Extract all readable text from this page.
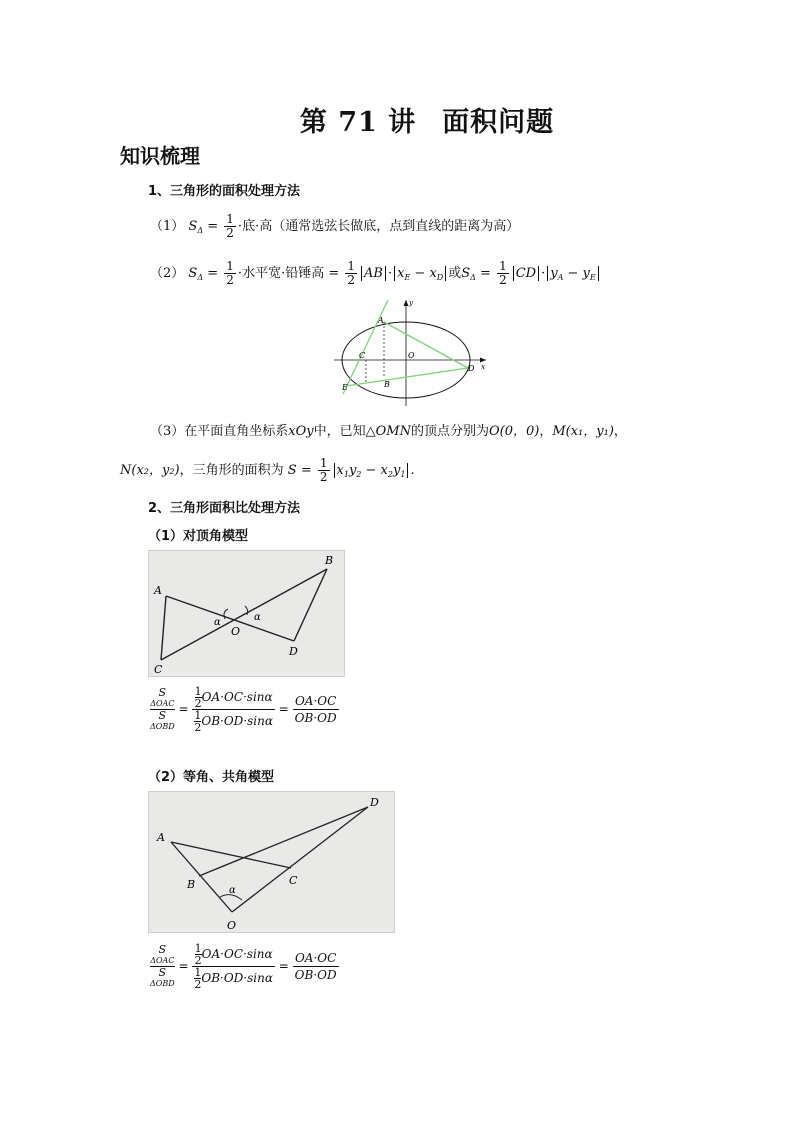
第 71 讲 面积问题
知识梳理
1、三角形的面积处理方法
（1） $S_\Delta = \frac{1}{2}$ ·底·高（通常选弦长做底，点到直线的距离为高）
（2） $S_\Delta = \frac{1}{2}$ ·水平宽·铅锤高 = $\frac{1}{2}$ AB · $x_E - x_D$ 或$S_\Delta = \frac{1}{2}$ CD · $y_A - y_E$
A
B
C
D
E
O
x
y
（3）在平面直角坐标系xOy中，已知△OMN的顶点分别为O(0，0)，M(x₁，y₁)，
N(x₂，y₂)，三角形的面积为 $S = \frac{1}{2} x_1y_2 - x_2y_1$ .
2、三角形面积比处理方法
（1）对顶角模型
A
B
C
D
O
α	α
S
ΔOAC
S
$\Delta OBD = \frac{\frac{1}{2} OA\cdot OC\cdot\sin\alpha}{\frac{1}{2} OB\cdot OD\cdot\sin\alpha} = \frac{OA\cdot OC}{OB\cdot OD}$
（2）等角、共角模型
A
B	C
D
O
α
S
ΔOAC
S
$\Delta OBD = \frac{\frac{1}{2} OA\cdot OC\cdot\sin\alpha}{\frac{1}{2} OB\cdot OD\cdot\sin\alpha} = \frac{OA\cdot OC}{OB\cdot OD}$
